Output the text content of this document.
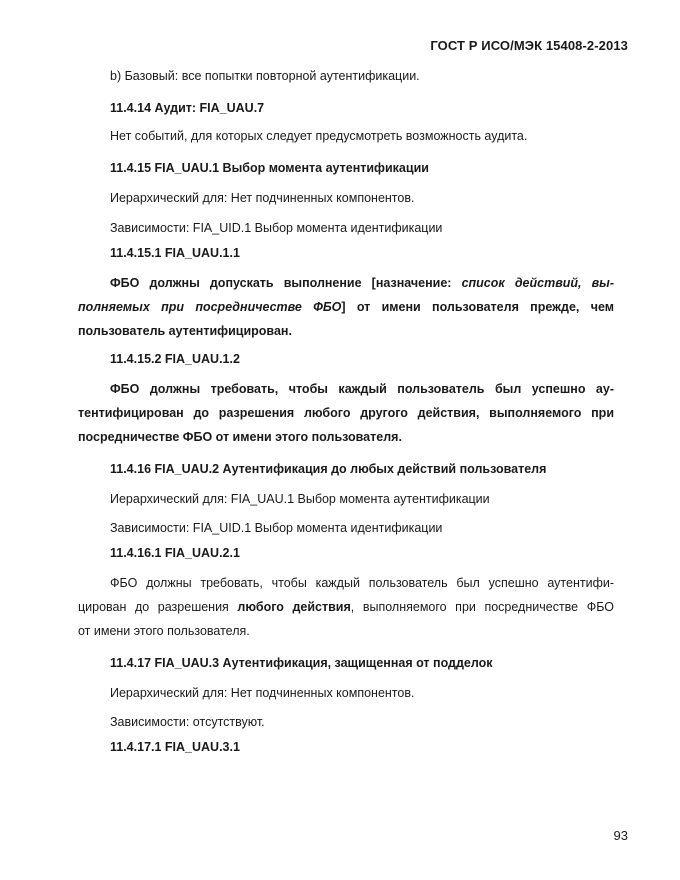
ГОСТ Р ИСО/МЭК 15408-2-2013
b) Базовый: все попытки повторной аутентификации.
11.4.14 Аудит: FIA_UAU.7
Нет событий, для которых следует предусмотреть возможность аудита.
11.4.15 FIA_UAU.1 Выбор момента аутентификации
Иерархический для: Нет подчиненных компонентов.
Зависимости: FIA_UID.1 Выбор момента идентификации
11.4.15.1 FIA_UAU.1.1
ФБО должны допускать выполнение [назначение: список действий, вы-
полняемых при посредничестве ФБО] от имени пользователя прежде, чем
пользователь аутентифицирован.
11.4.15.2 FIA_UAU.1.2
ФБО должны требовать, чтобы каждый пользователь был успешно ау-
тентифицирован до разрешения любого другого действия, выполняемого при
посредничестве ФБО от имени этого пользователя.
11.4.16 FIA_UAU.2 Аутентификация до любых действий пользователя
Иерархический для: FIA_UAU.1 Выбор момента аутентификации
Зависимости: FIA_UID.1 Выбор момента идентификации
11.4.16.1 FIA_UAU.2.1
ФБО должны требовать, чтобы каждый пользователь был успешно аутентифи-
цирован до разрешения любого действия, выполняемого при посредничестве ФБО
от имени этого пользователя.
11.4.17 FIA_UAU.3 Аутентификация, защищенная от подделок
Иерархический для: Нет подчиненных компонентов.
Зависимости: отсутствуют.
11.4.17.1 FIA_UAU.3.1
93
